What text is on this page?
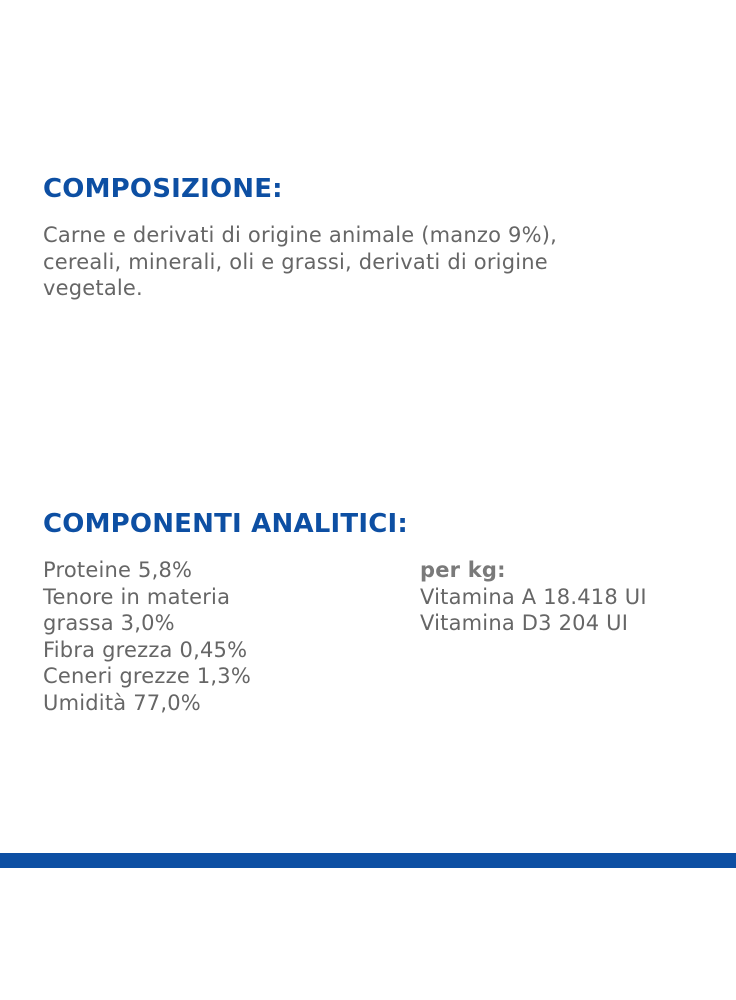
COMPOSIZIONE:

Carne e derivati di origine animale (manzo 9%),
cereali, minerali, oli e grassi, derivati di origine
vegetale.

COMPONENTI ANALITICI:
Proteine 5,8%
Tenore in materia
grassa 3,0%
Fibra grezza 0,45%
Ceneri grezze 1,3%
Umidità 77,0%
per kg:
Vitamina A 18.418 UI
Vitamina D3 204 UI
